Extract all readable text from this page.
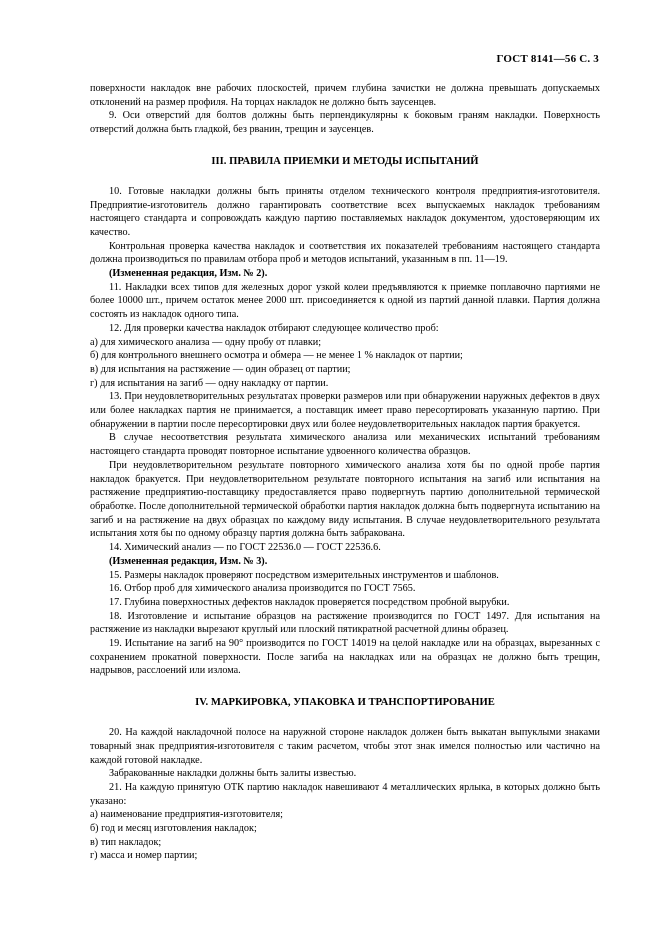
ГОСТ 8141—56 С. 3

поверхности накладок вне рабочих плоскостей, причем глубина зачистки не должна превышать допускаемых отклонений на размер профиля. На торцах накладок не должно быть заусенцев.

9. Оси отверстий для болтов должны быть перпендикулярны к боковым граням накладки. Поверхность отверстий должна быть гладкой, без рванин, трещин и заусенцев.

III. ПРАВИЛА ПРИЕМКИ И МЕТОДЫ ИСПЫТАНИЙ

10. Готовые накладки должны быть приняты отделом технического контроля предприятия-изготовителя. Предприятие-изготовитель должно гарантировать соответствие всех выпускаемых накладок требованиям настоящего стандарта и сопровождать каждую партию поставляемых накладок документом, удостоверяющим их качество.

Контрольная проверка качества накладок и соответствия их показателей требованиям настоящего стандарта должна производиться по правилам отбора проб и методов испытаний, указанным в пп. 11—19.

(Измененная редакция, Изм. № 2).

11. Накладки всех типов для железных дорог узкой колеи предъявляются к приемке поплавочно партиями не более 10000 шт., причем остаток менее 2000 шт. присоединяется к одной из партий данной плавки. Партия должна состоять из накладок одного типа.

12. Для проверки качества накладок отбирают следующее количество проб:

а) для химического анализа — одну пробу от плавки;

б) для контрольного внешнего осмотра и обмера — не менее 1 % накладок от партии;

в) для испытания на растяжение — один образец от партии;

г) для испытания на загиб — одну накладку от партии.

13. При неудовлетворительных результатах проверки размеров или при обнаружении наружных дефектов в двух или более накладках партия не принимается, а поставщик имеет право пересортировать указанную партию. При обнаружении в партии после пересортировки двух или более неудовлетворительных накладок партия бракуется.

В случае несоответствия результата химического анализа или механических испытаний требованиям настоящего стандарта проводят повторное испытание удвоенного количества образцов.

При неудовлетворительном результате повторного химического анализа хотя бы по одной пробе партия накладок бракуется. При неудовлетворительном результате повторного испытания на загиб или испытания на растяжение предприятию-поставщику предоставляется право подвергнуть партию дополнительной термической обработке. После дополнительной термической обработки партия накладок должна быть подвергнута испытанию на загиб и на растяжение на двух образцах по каждому виду испытания. В случае неудовлетворительного результата испытания хотя бы по одному образцу партия должна быть забракована.

14. Химический анализ — по ГОСТ 22536.0 — ГОСТ 22536.6.

(Измененная редакция, Изм. № 3).

15. Размеры накладок проверяют посредством измерительных инструментов и шаблонов.

16. Отбор проб для химического анализа производится по ГОСТ 7565.

17. Глубина поверхностных дефектов накладок проверяется посредством пробной вырубки.

18. Изготовление и испытание образцов на растяжение производится по ГОСТ 1497. Для испытания на растяжение из накладки вырезают круглый или плоский пятикратной расчетной длины образец.

19. Испытание на загиб на 90° производится по ГОСТ 14019 на целой накладке или на образцах, вырезанных с сохранением прокатной поверхности. После загиба на накладках или на образцах не должно быть трещин, надрывов, расслоений или излома.

IV. МАРКИРОВКА, УПАКОВКА И ТРАНСПОРТИРОВАНИЕ

20. На каждой накладочной полосе на наружной стороне накладок должен быть выкатан выпуклыми знаками товарный знак предприятия-изготовителя с таким расчетом, чтобы этот знак имелся полностью или частично на каждой готовой накладке.

Забракованные накладки должны быть залиты известью.

21. На каждую принятую ОТК партию накладок навешивают 4 металлических ярлыка, в которых должно быть указано:

а) наименование предприятия-изготовителя;

б) год и месяц изготовления накладок;

в) тип накладок;

г) масса и номер партии;
